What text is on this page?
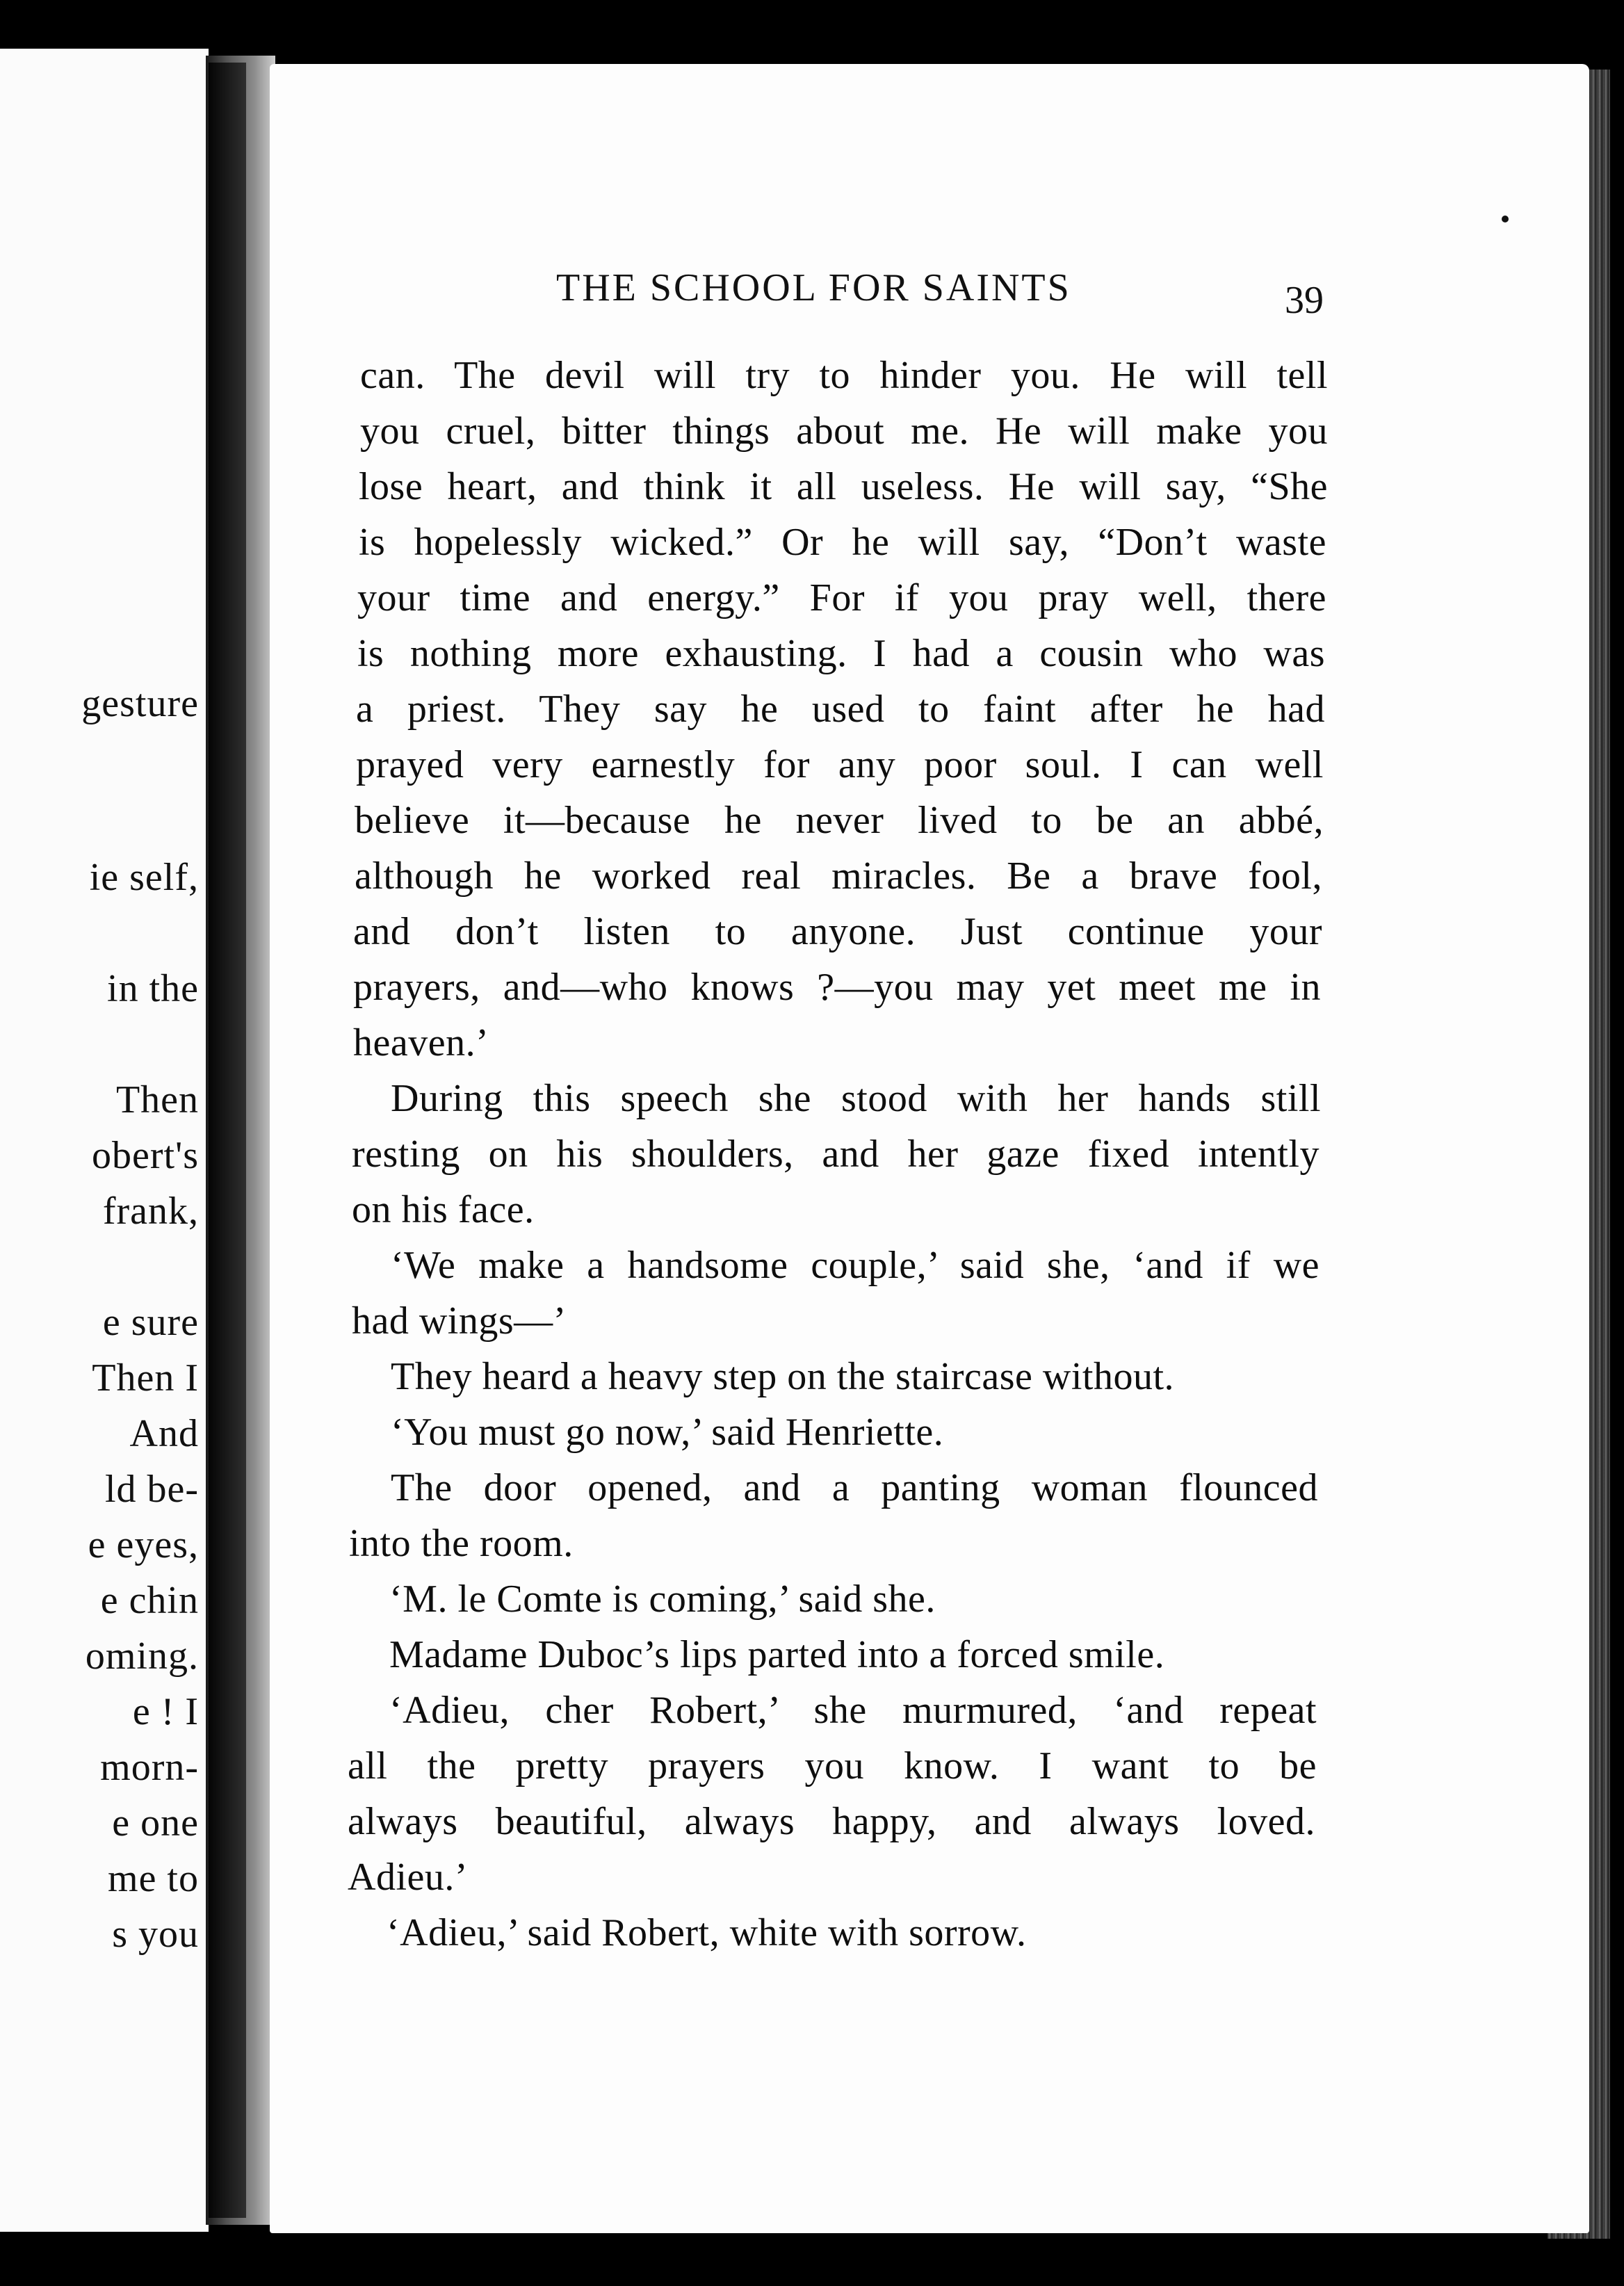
gesture
ie self,
in the
Then
obert's
frank,
e sure
Then I
And
ld be-
e eyes,
e chin
oming.
e ! I
morn-
e one
me to
s you
THE SCHOOL FOR SAINTS	39
can. The devil will try to hinder you. He will tell
you cruel, bitter things about me. He will make you
lose heart, and think it all useless. He will say, “She
is hopelessly wicked.” Or he will say, “Don’t waste
your time and energy.” For if you pray well, there
is nothing more exhausting. I had a cousin who was
a priest. They say he used to faint after he had
prayed very earnestly for any poor soul. I can well
believe it—because he never lived to be an abbé,
although he worked real miracles. Be a brave fool,
and don’t listen to anyone. Just continue your
prayers, and—who knows ?—you may yet meet me in
heaven.’
During this speech she stood with her hands still
resting on his shoulders, and her gaze fixed intently
on his face.
‘We make a handsome couple,’ said she, ‘and if we
had wings—’
They heard a heavy step on the staircase without.
‘You must go now,’ said Henriette.
The door opened, and a panting woman flounced
into the room.
‘M. le Comte is coming,’ said she.
Madame Duboc’s lips parted into a forced smile.
‘Adieu, cher Robert,’ she murmured, ‘and repeat
all the pretty prayers you know. I want to be
always beautiful, always happy, and always loved.
Adieu.’
‘Adieu,’ said Robert, white with sorrow.
